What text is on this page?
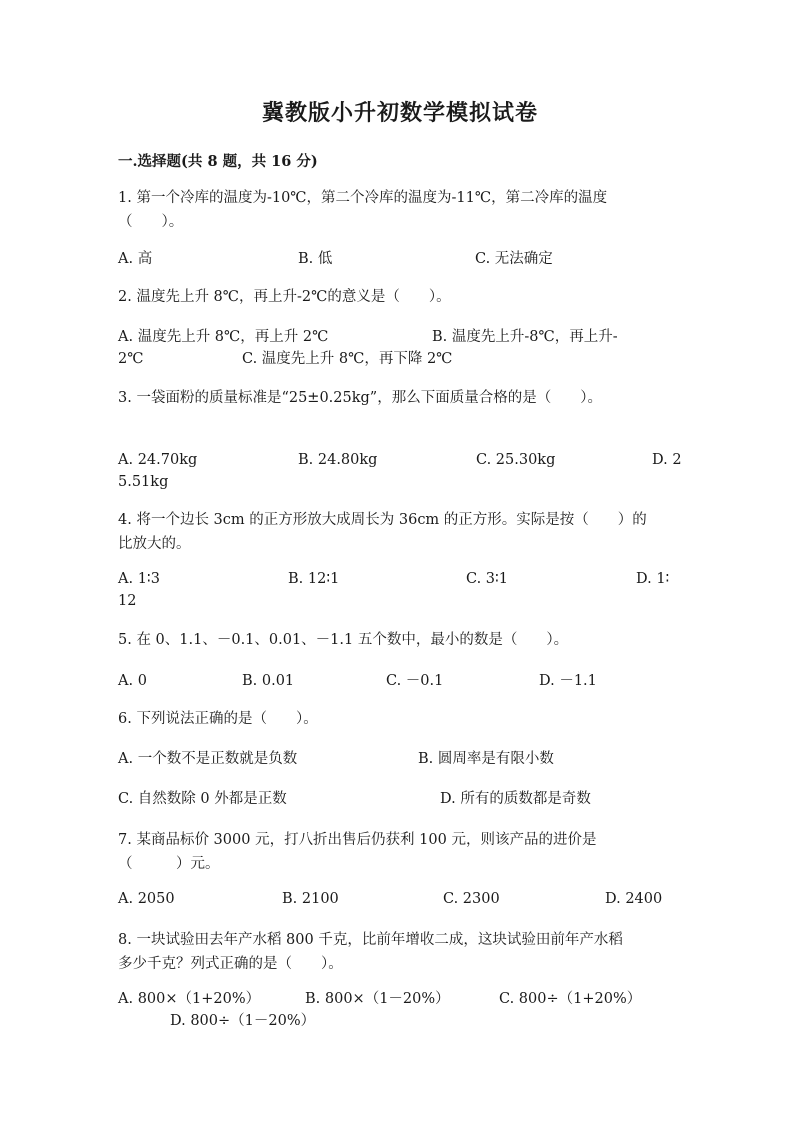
冀教版小升初数学模拟试卷
一.选择题(共 8 题，共 16 分)
1. 第一个冷库的温度为-10℃，第二个冷库的温度为-11℃，第二冷库的温度
（　　）。
A. 高	B. 低	C. 无法确定
2. 温度先上升 8℃，再上升-2℃的意义是（　　）。
A. 温度先上升 8℃，再上升 2℃	B. 温度先上升-8℃，再上升-
2℃	C. 温度先上升 8℃，再下降 2℃
3. 一袋面粉的质量标准是“25±0.25kg”，那么下面质量合格的是（　　）。
A. 24.70kg	B. 24.80kg	C. 25.30kg	D. 2
5.51kg
4. 将一个边长 3cm 的正方形放大成周长为 36cm 的正方形。实际是按（　　）的
比放大的。
A. 1∶3	B. 12∶1	C. 3∶1	D. 1∶
12
5. 在 0、1.1、－0.1、0.01、－1.1 五个数中，最小的数是（　　）。
A. 0	B. 0.01	C. －0.1	D. －1.1
6. 下列说法正确的是（　　）。
A. 一个数不是正数就是负数	B. 圆周率是有限小数
C. 自然数除 0 外都是正数	D. 所有的质数都是奇数
7. 某商品标价 3000 元，打八折出售后仍获利 100 元，则该产品的进价是
（　　　）元。
A. 2050	B. 2100	C. 2300	D. 2400
8. 一块试验田去年产水稻 800 千克，比前年增收二成，这块试验田前年产水稻
多少千克？列式正确的是（　　）。
A. 800×（1+20%）	B. 800×（1－20%）	C. 800÷（1+20%）
D. 800÷（1－20%）
